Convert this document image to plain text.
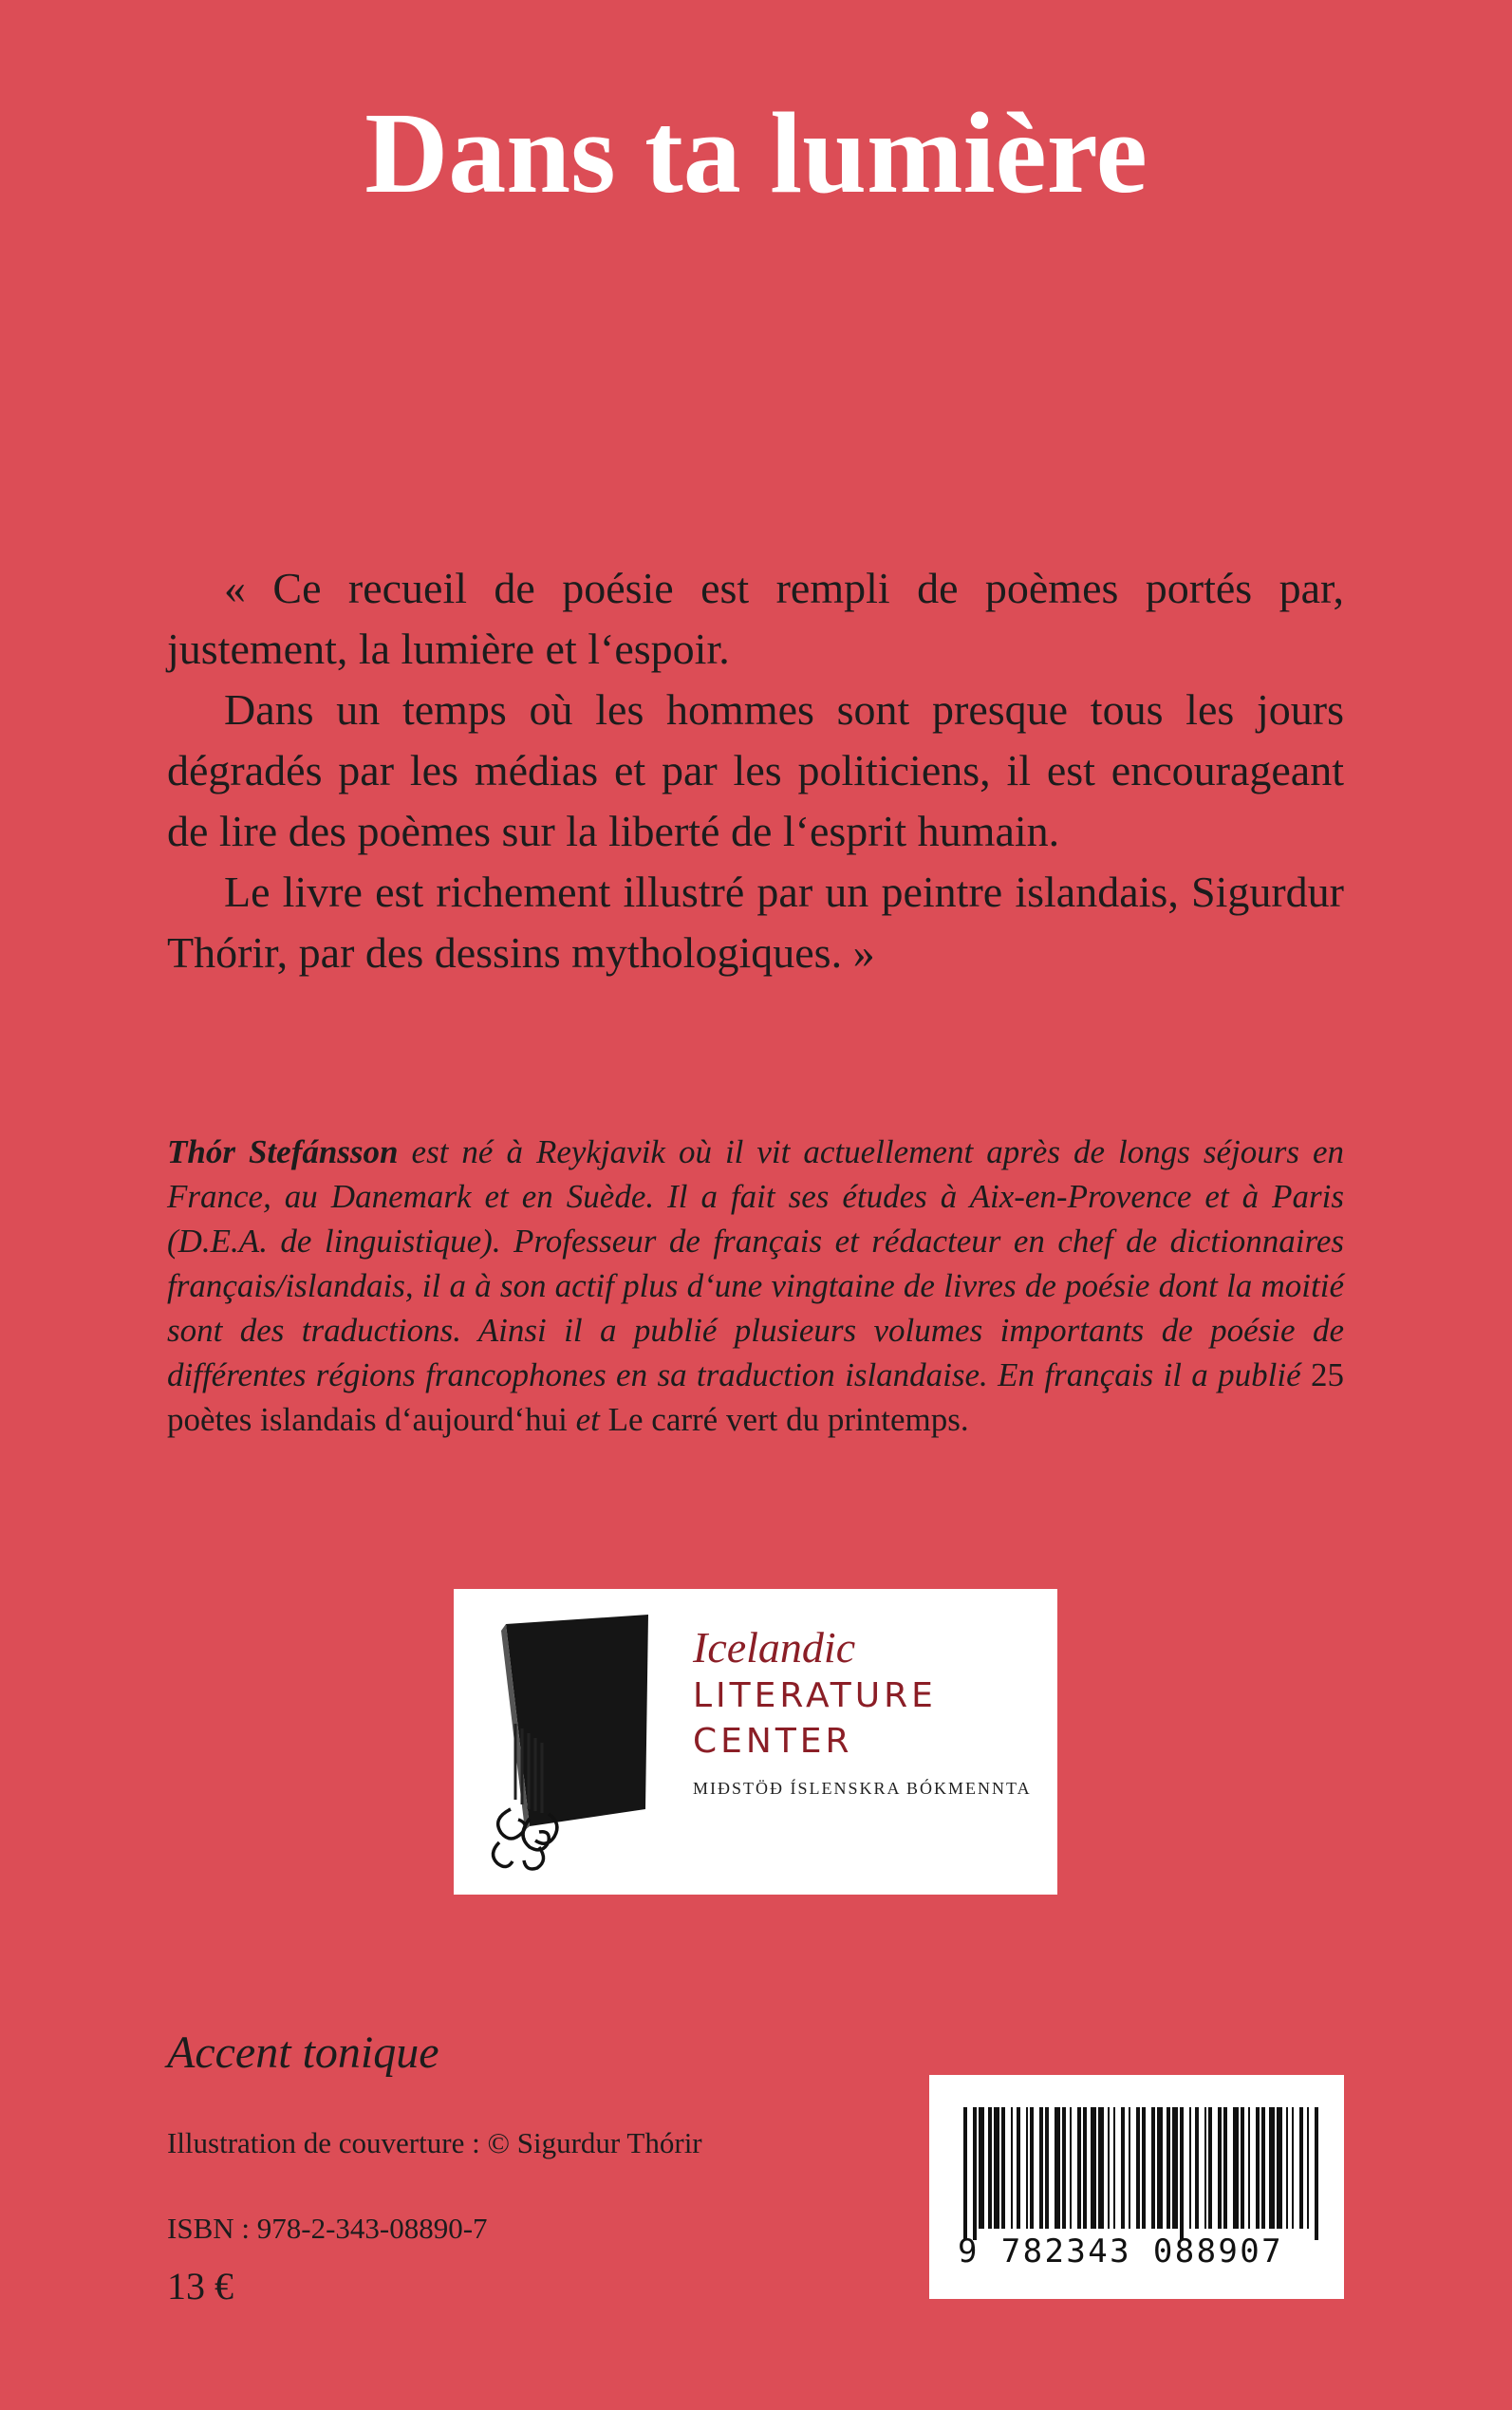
Dans ta lumière

« Ce recueil de poésie est rempli de poèmes portés par, justement, la lumière et l‘espoir.

Dans un temps où les hommes sont presque tous les jours dégradés par les médias et par les politiciens, il est encourageant de lire des poèmes sur la liberté de l‘esprit humain.

Le livre est richement illustré par un peintre islandais, Sigurdur Thórir, par des dessins mythologiques. »

Thór Stefánsson est né à Reykjavik où il vit actuellement après de longs séjours en France, au Danemark et en Suède. Il a fait ses études à Aix-en-Provence et à Paris (D.E.A. de linguistique). Professeur de français et rédacteur en chef de dictionnaires français/islandais, il a à son actif plus d‘une vingtaine de livres de poésie dont la moitié sont des traductions. Ainsi il a publié plusieurs volumes importants de poésie de différentes régions francophones en sa traduction islandaise. En français il a publié 25 poètes islandais d‘aujourd‘hui et Le carré vert du printemps.
Icelandic
LITERATURE
CENTER
MIÐSTÖÐ ÍSLENSKRA BÓKMENNTA
Accent tonique
Illustration de couverture : © Sigurdur Thórir
ISBN : 978-2-343-08890-7
13 €
9 782343 088907
